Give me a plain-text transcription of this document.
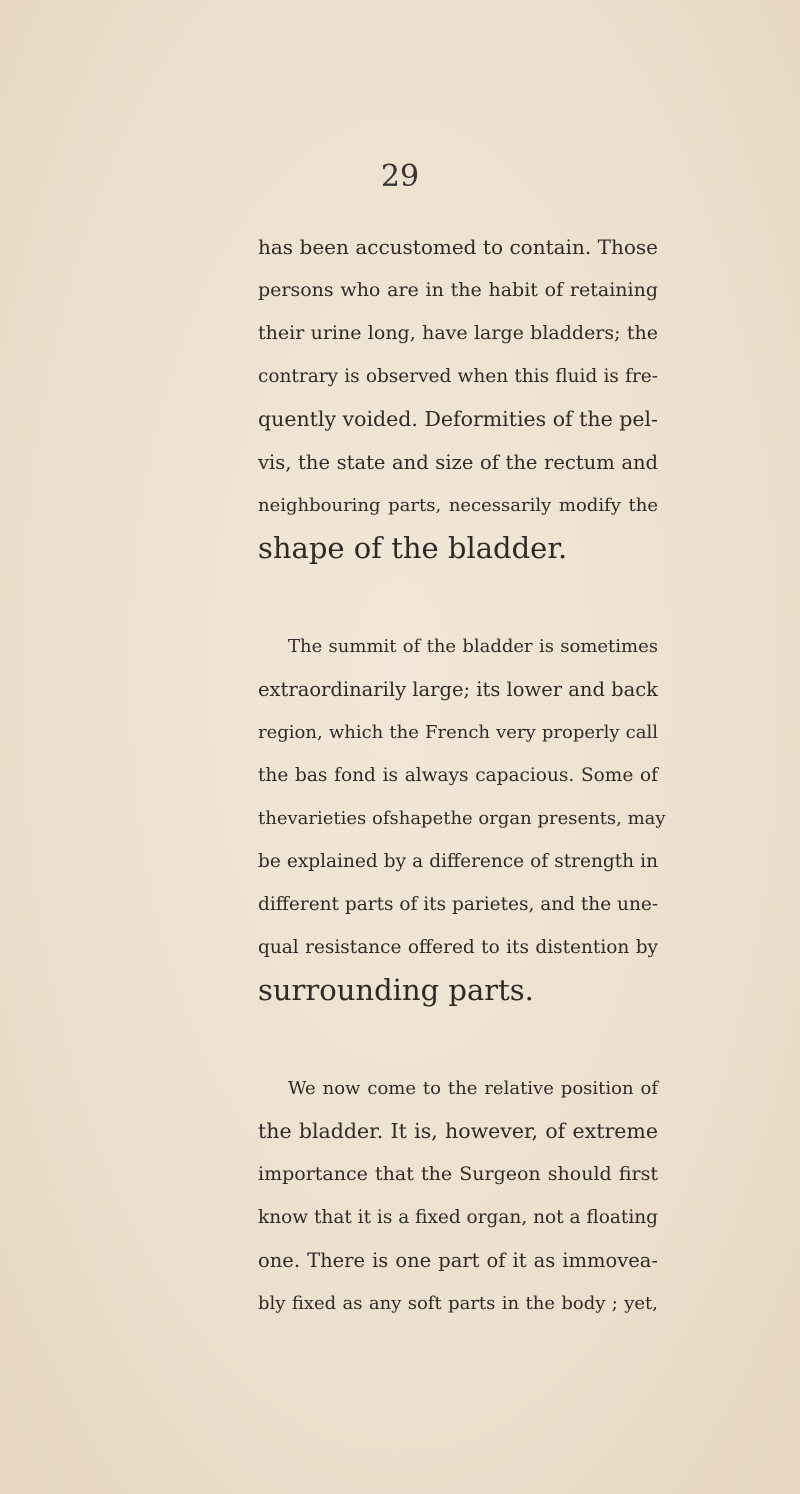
29
has been accustomed to contain. Those
persons who are in the habit of retaining
their urine long, have large bladders; the
contrary is observed when this fluid is fre-
quently voided. Deformities of the pel-
vis, the state and size of the rectum and
neighbouring parts, necessarily modify the
shape of the bladder.
The summit of the bladder is sometimes
extraordinarily large; its lower and back
region, which the French very properly call
the bas fond is always capacious. Some of
thevarieties ofshapethe organ presents, may
be explained by a difference of strength in
different parts of its parietes, and the une-
qual resistance offered to its distention by
surrounding parts.
We now come to the relative position of
the bladder. It is, however, of extreme
importance that the Surgeon should first
know that it is a fixed organ, not a floating
one. There is one part of it as immovea-
bly fixed as any soft parts in the body ; yet,
